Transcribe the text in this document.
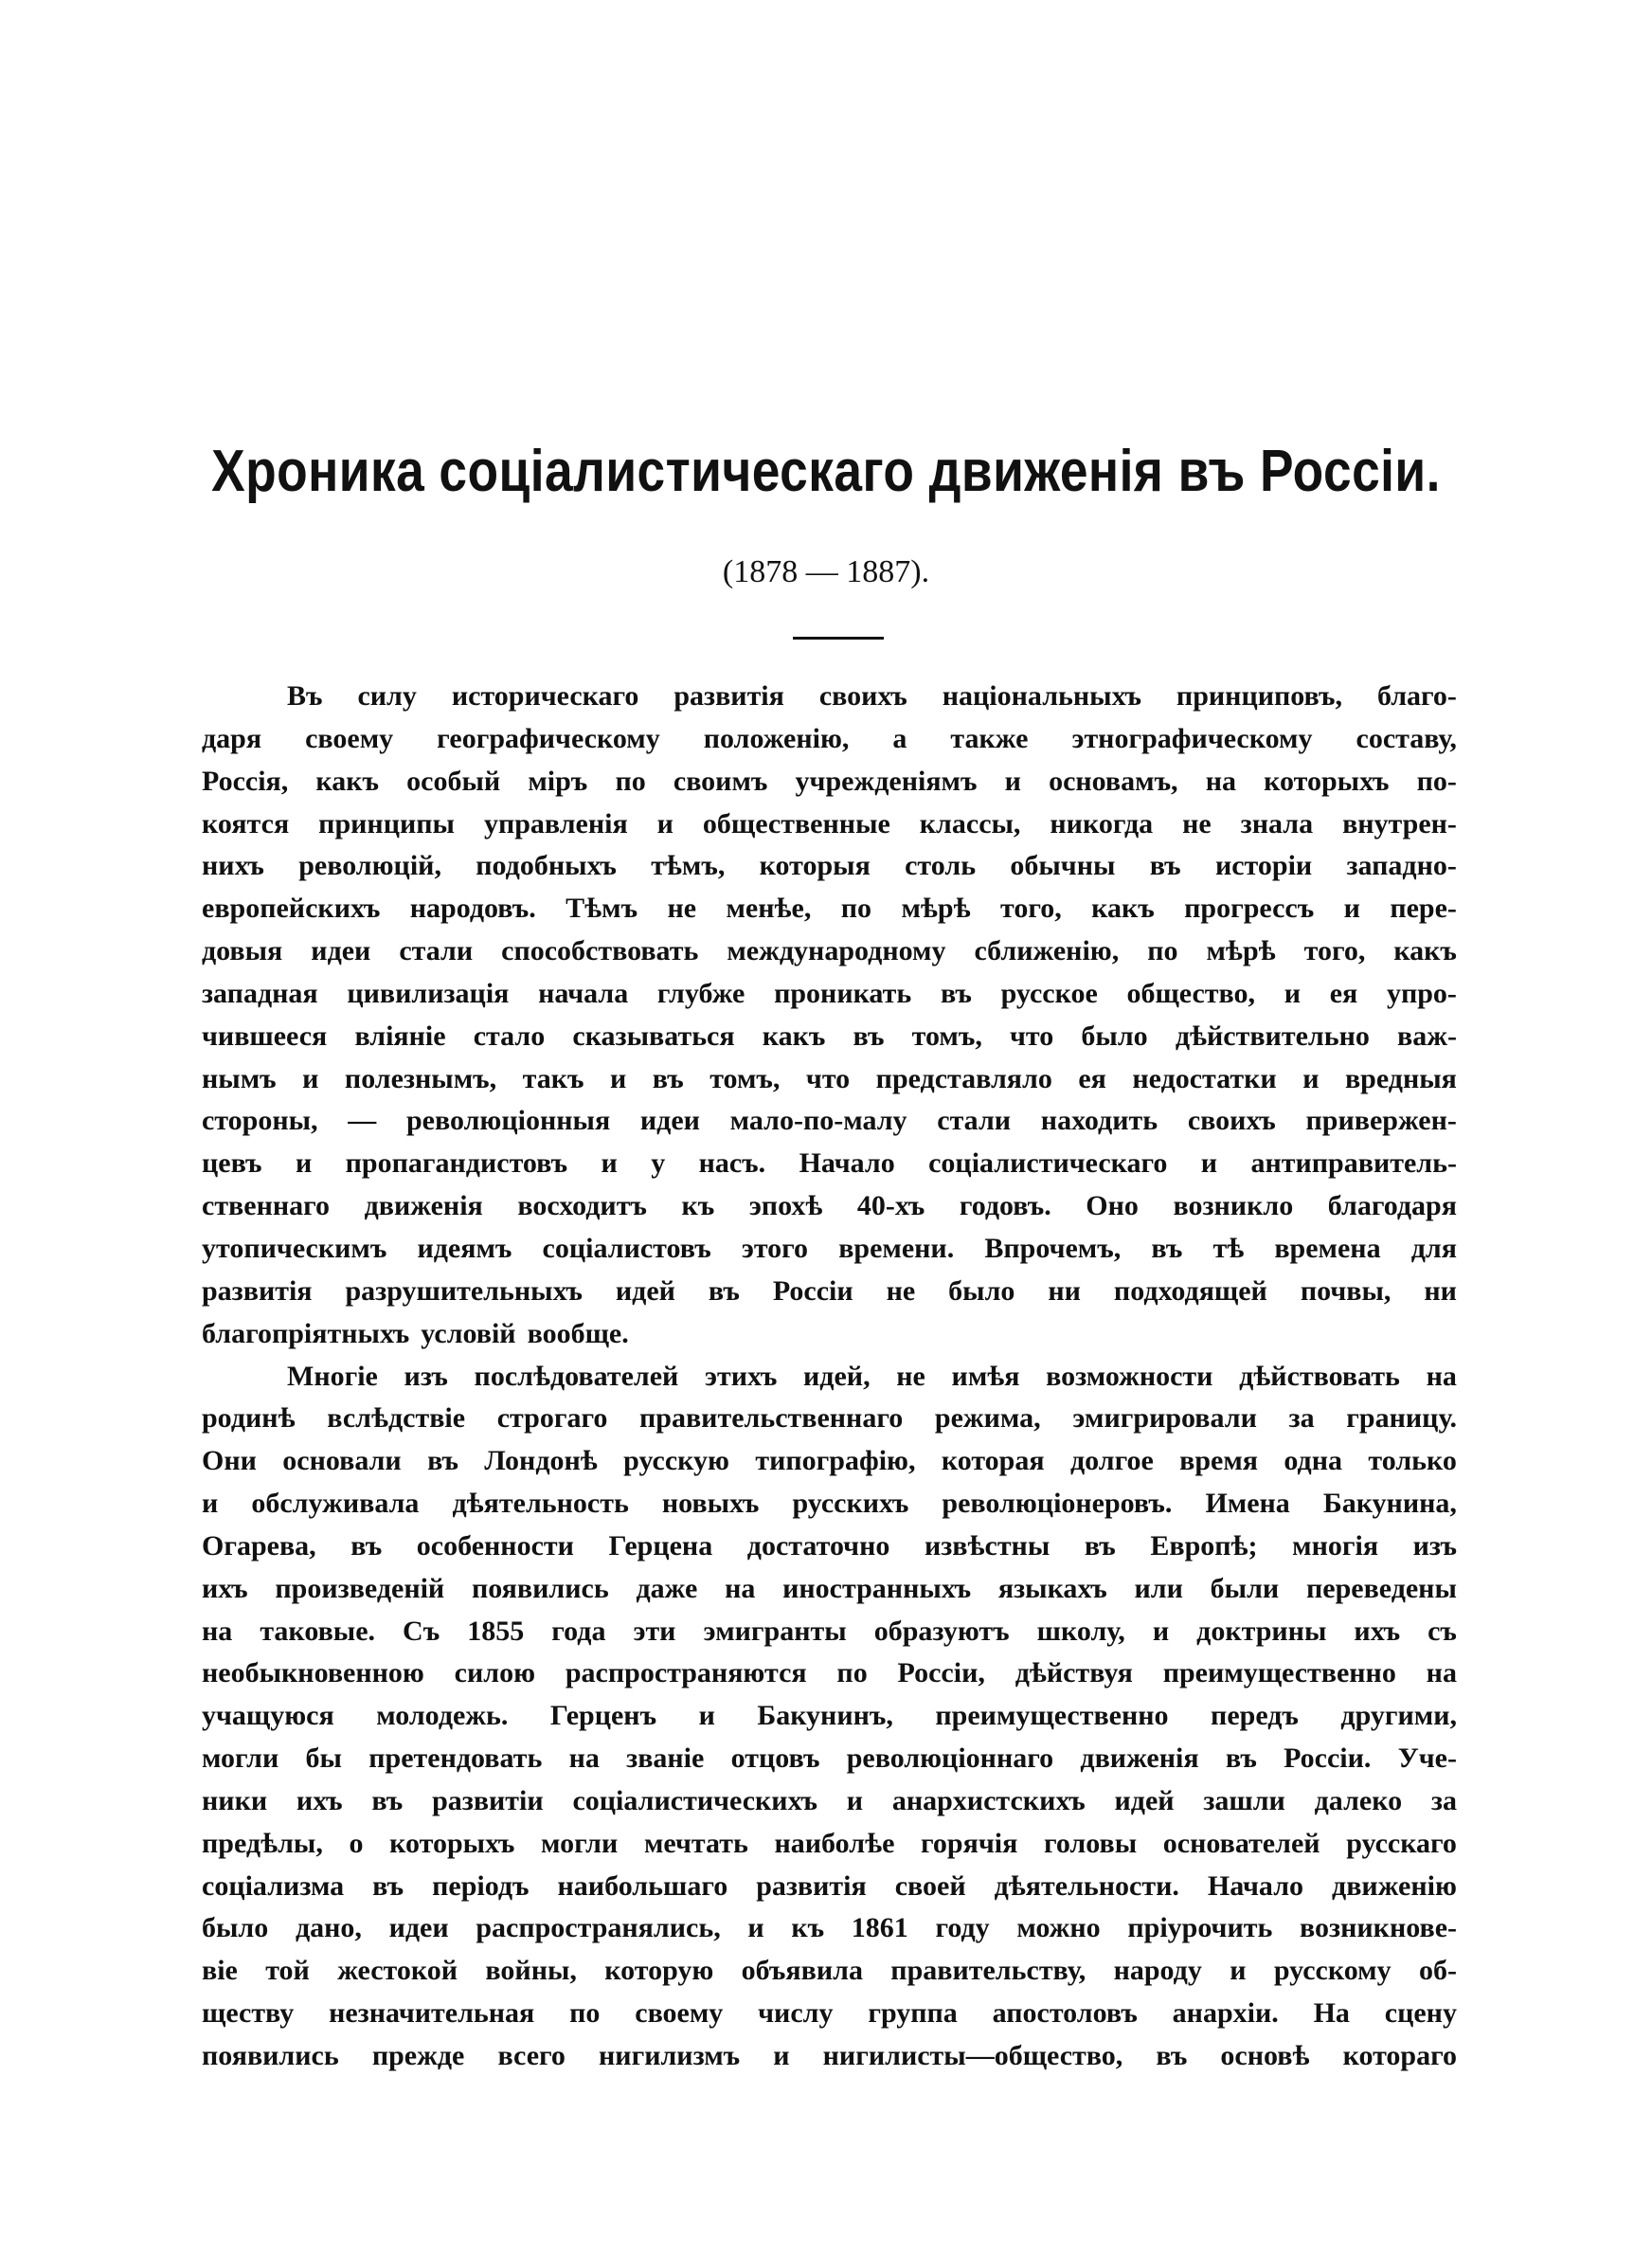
Хроника соціалистическаго движенія въ Россіи.
(1878 — 1887).
Въ силу историческаго развитія своихъ національныхъ принциповъ, благо-
даря своему географическому положенію, а также этнографическому составу,
Россія, какъ особый міръ по своимъ учрежденіямъ и основамъ, на которыхъ по-
коятся принципы управленія и общественные классы, никогда не знала внутрен-
нихъ революцій, подобныхъ тѣмъ, которыя столь обычны въ исторіи западно-
европейскихъ народовъ. Тѣмъ не менѣе, по мѣрѣ того, какъ прогрессъ и пере-
довыя идеи стали способствовать международному сближенію, по мѣрѣ того, какъ
западная цивилизація начала глубже проникать въ русское общество, и ея упро-
чившееся вліяніе стало сказываться какъ въ томъ, что было дѣйствительно важ-
нымъ и полезнымъ, такъ и въ томъ, что представляло ея недостатки и вредныя
стороны, — революціонныя идеи мало-по-малу стали находить своихъ привержен-
цевъ и пропагандистовъ и у насъ. Начало соціалистическаго и антиправитель-
ственнаго движенія восходитъ къ эпохѣ 40-хъ годовъ. Оно возникло благодаря
утопическимъ идеямъ соціалистовъ этого времени. Впрочемъ, въ тѣ времена для
развитія разрушительныхъ идей въ Россіи не было ни подходящей почвы, ни
благопріятныхъ условій вообще.
Многіе изъ послѣдователей этихъ идей, не имѣя возможности дѣйствовать на
родинѣ вслѣдствіе строгаго правительственнаго режима, эмигрировали за границу.
Они основали въ Лондонѣ русскую типографію, которая долгое время одна только
и обслуживала дѣятельность новыхъ русскихъ революціонеровъ. Имена Бакунина,
Огарева, въ особенности Герцена достаточно извѣстны въ Европѣ; многія изъ
ихъ произведеній появились даже на иностранныхъ языкахъ или были переведены
на таковые. Съ 1855 года эти эмигранты образуютъ школу, и доктрины ихъ съ
необыкновенною силою распространяются по Россіи, дѣйствуя преимущественно на
учащуюся молодежь. Герценъ и Бакунинъ, преимущественно передъ другими,
могли бы претендовать на званіе отцовъ революціоннаго движенія въ Россіи. Уче-
ники ихъ въ развитіи соціалистическихъ и анархистскихъ идей зашли далеко за
предѣлы, о которыхъ могли мечтать наиболѣе горячія головы основателей русскаго
соціализма въ періодъ наибольшаго развитія своей дѣятельности. Начало движенію
было дано, идеи распространялись, и къ 1861 году можно пріурочить возникнове-
віе той жестокой войны, которую объявила правительству, народу и русскому об-
ществу незначительная по своему числу группа апостоловъ анархіи. На сцену
появились прежде всего нигилизмъ и нигилисты—общество, въ основѣ котораго
